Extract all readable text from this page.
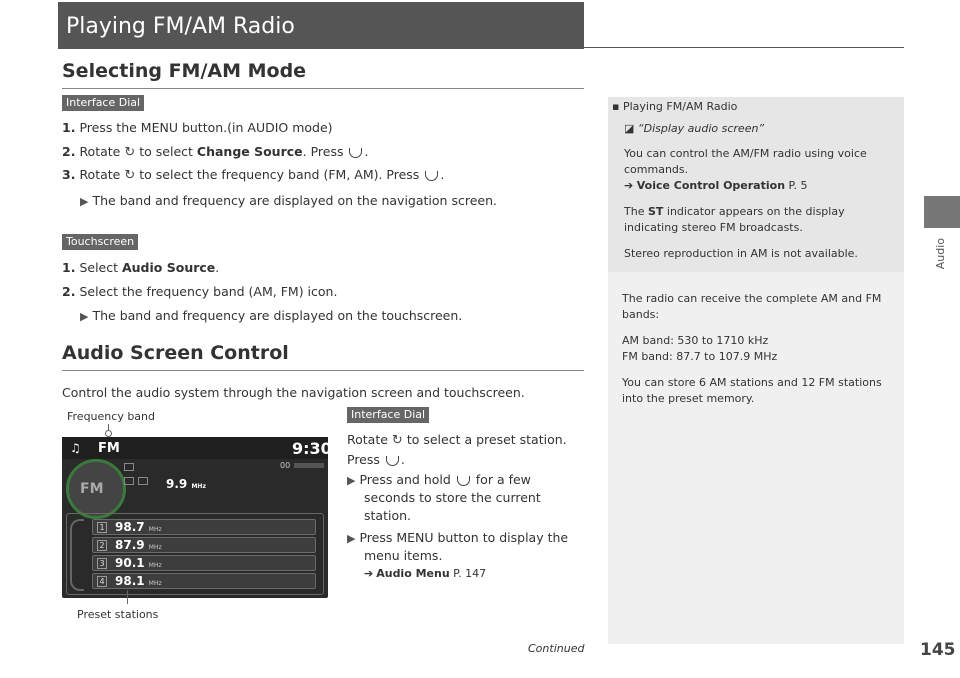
Playing FM/AM Radio
Audio
Selecting FM/AM Mode
Interface Dial
1. Press the MENU button.(in AUDIO mode)
2. Rotate ↻ to select Change Source. Press .
3. Rotate ↻ to select the frequency band (FM, AM). Press .
▶ The band and frequency are displayed on the navigation screen.
Touchscreen
1. Select Audio Source.
2. Select the frequency band (AM, FM) icon.
▶ The band and frequency are displayed on the touchscreen.
Audio Screen Control
Control the audio system through the navigation screen and touchscreen.
Frequency band
♫ FM	9:30
FM	9.9 MHz
00
1 98.7 MHz
2 87.9 MHz
3 90.1 MHz
4 98.1 MHz
Preset stations
Interface Dial
Rotate ↻ to select a preset station.
Press .
▶ Press and hold for a few
seconds to store the current
station.
▶ Press MENU button to display the
menu items.
➔ Audio Menu P. 147
▪ Playing FM/AM Radio
◪ “Display audio screen”
You can control the AM/FM radio using voice
commands.
➔ Voice Control Operation P. 5
The ST indicator appears on the display
indicating stereo FM broadcasts.
Stereo reproduction in AM is not available.
The radio can receive the complete AM and FM
bands:
AM band: 530 to 1710 kHz
FM band: 87.7 to 107.9 MHz
You can store 6 AM stations and 12 FM stations
into the preset memory.
Continued	145
